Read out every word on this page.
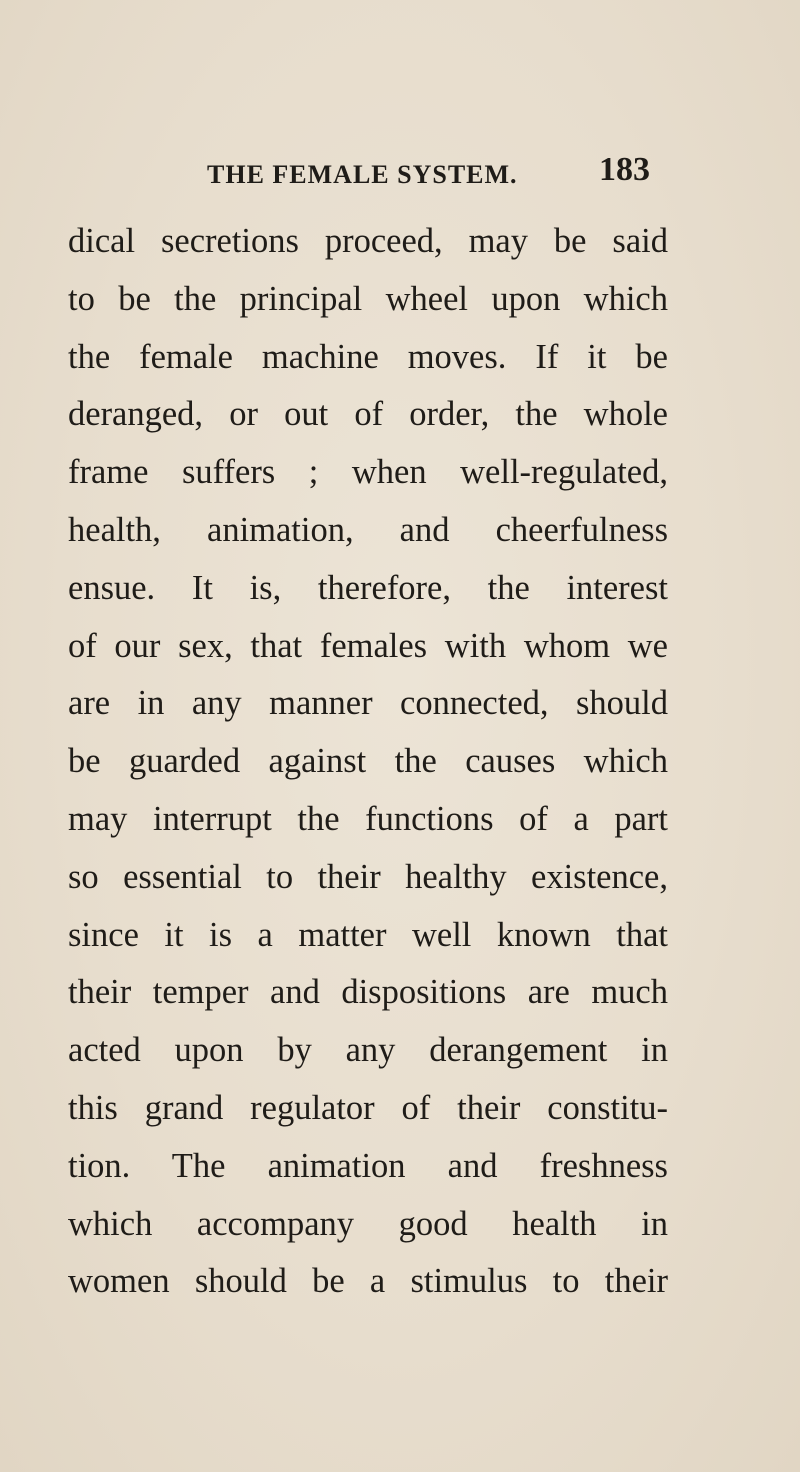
THE FEMALE SYSTEM. 183
dical secretions proceed, may be said
to be the principal wheel upon which
the female machine moves. If it be
deranged, or out of order, the whole
frame suffers ; when well-regulated,
health, animation, and cheerfulness
ensue. It is, therefore, the interest
of our sex, that females with whom we
are in any manner connected, should
be guarded against the causes which
may interrupt the functions of a part
so essential to their healthy existence,
since it is a matter well known that
their temper and dispositions are much
acted upon by any derangement in
this grand regulator of their constitu-
tion. The animation and freshness
which accompany good health in
women should be a stimulus to their
